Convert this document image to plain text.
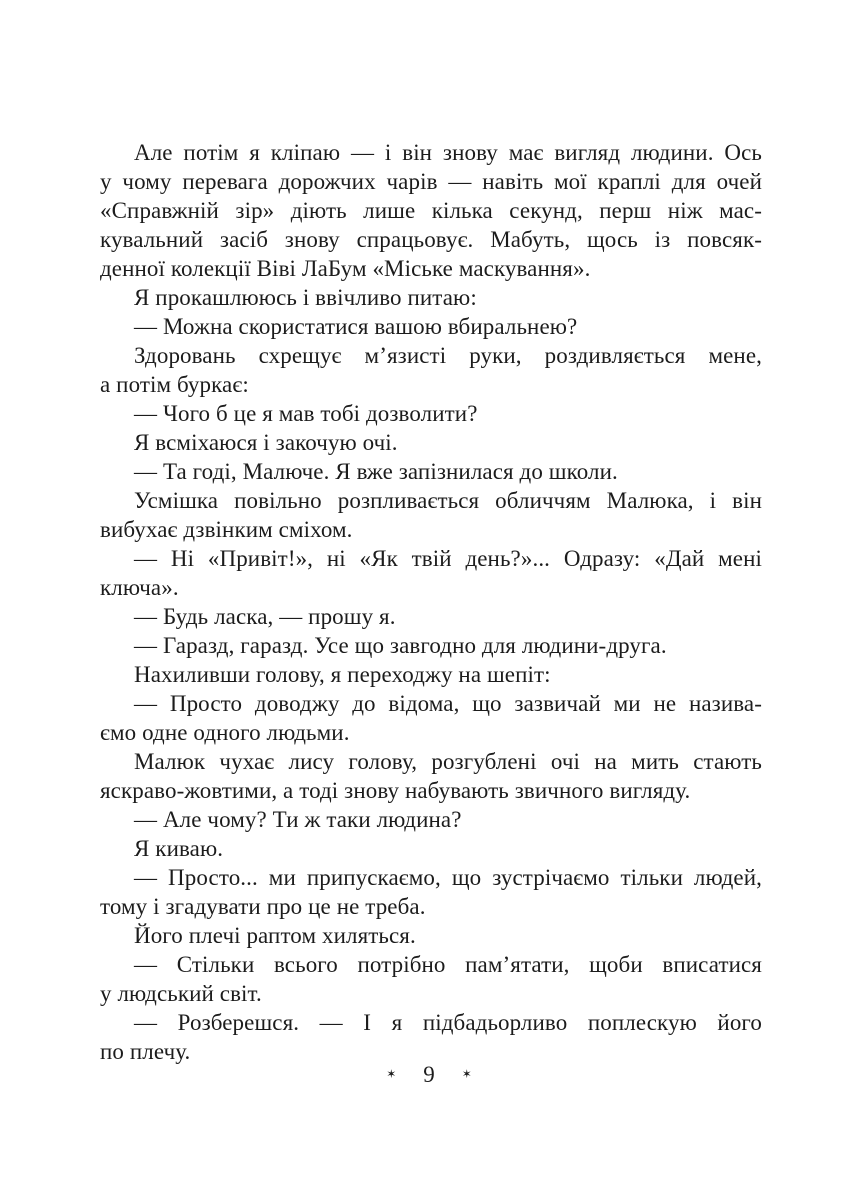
Але потім я кліпаю — і він знову має вигляд людини. Ось
у чому перевага дорожчих чарів — навіть мої краплі для очей
«Справжній зір» діють лише кілька секунд, перш ніж мас-
кувальний засіб знову спрацьовує. Мабуть, щось із повсяк-
денної колекції Віві ЛаБум «Міське маскування».
Я прокашлююсь і ввічливо питаю:
— Можна скористатися вашою вбиральнею?
Здоровань схрещує м’язисті руки, роздивляється мене,
а потім буркає:
— Чого б це я мав тобі дозволити?
Я всміхаюся і закочую очі.
— Та годі, Малюче. Я вже запізнилася до школи.
Усмішка повільно розпливається обличчям Малюка, і він
вибухає дзвінким сміхом.
— Ні «Привіт!», ні «Як твій день?»... Одразу: «Дай мені
ключа».
— Будь ласка, — прошу я.
— Гаразд, гаразд. Усе що завгодно для людини-друга.
Нахиливши голову, я переходжу на шепіт:
— Просто доводжу до відома, що зазвичай ми не назива-
ємо одне одного людьми.
Малюк чухає лису голову, розгублені очі на мить стають
яскраво-жовтими, а тоді знову набувають звичного вигляду.
— Але чому? Ти ж таки людина?
Я киваю.
— Просто... ми припускаємо, що зустрічаємо тільки людей,
тому і згадувати про це не треба.
Його плечі раптом хиляться.
— Стільки всього потрібно пам’ятати, щоби вписатися
у людський світ.
— Розберешся. — І я підбадьорливо поплескую його
по плечу.
✶ 9 ✶
